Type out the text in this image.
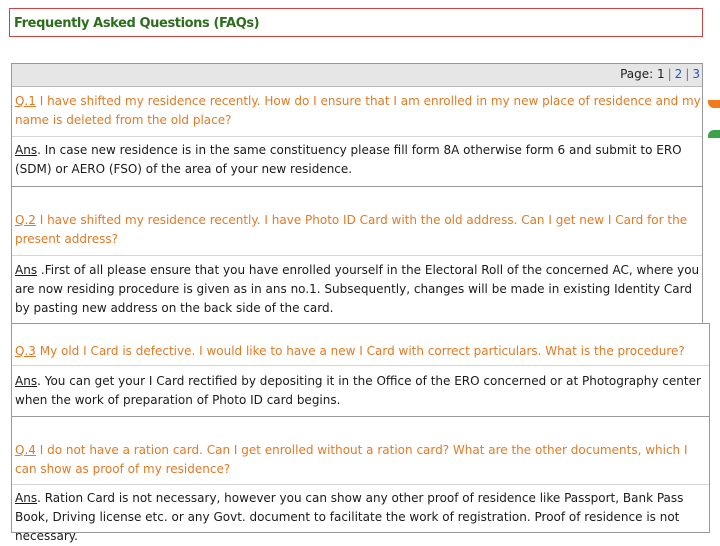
Frequently Asked Questions (FAQs)
Page: 1 | 2 | 3
Q.1 I have shifted my residence recently. How do I ensure that I am enrolled in my new place of residence and my name is deleted from the old place?
Ans. In case new residence is in the same constituency please fill form 8A otherwise form 6 and submit to ERO (SDM) or AERO (FSO) of the area of your new residence.
Q.2 I have shifted my residence recently. I have Photo ID Card with the old address. Can I get new I Card for the present address?
Ans .First of all please ensure that you have enrolled yourself in the Electoral Roll of the concerned AC, where you are now residing procedure is given as in ans no.1. Subsequently, changes will be made in existing Identity Card by pasting new address on the back side of the card.
Q.3 My old I Card is defective. I would like to have a new I Card with correct particulars. What is the procedure?
Ans. You can get your I Card rectified by depositing it in the Office of the ERO concerned or at Photography center when the work of preparation of Photo ID card begins.
Q.4 I do not have a ration card. Can I get enrolled without a ration card? What are the other documents, which I can show as proof of my residence?
Ans. Ration Card is not necessary, however you can show any other proof of residence like Passport, Bank Pass Book, Driving license etc. or any Govt. document to facilitate the work of registration. Proof of residence is not necessary.
